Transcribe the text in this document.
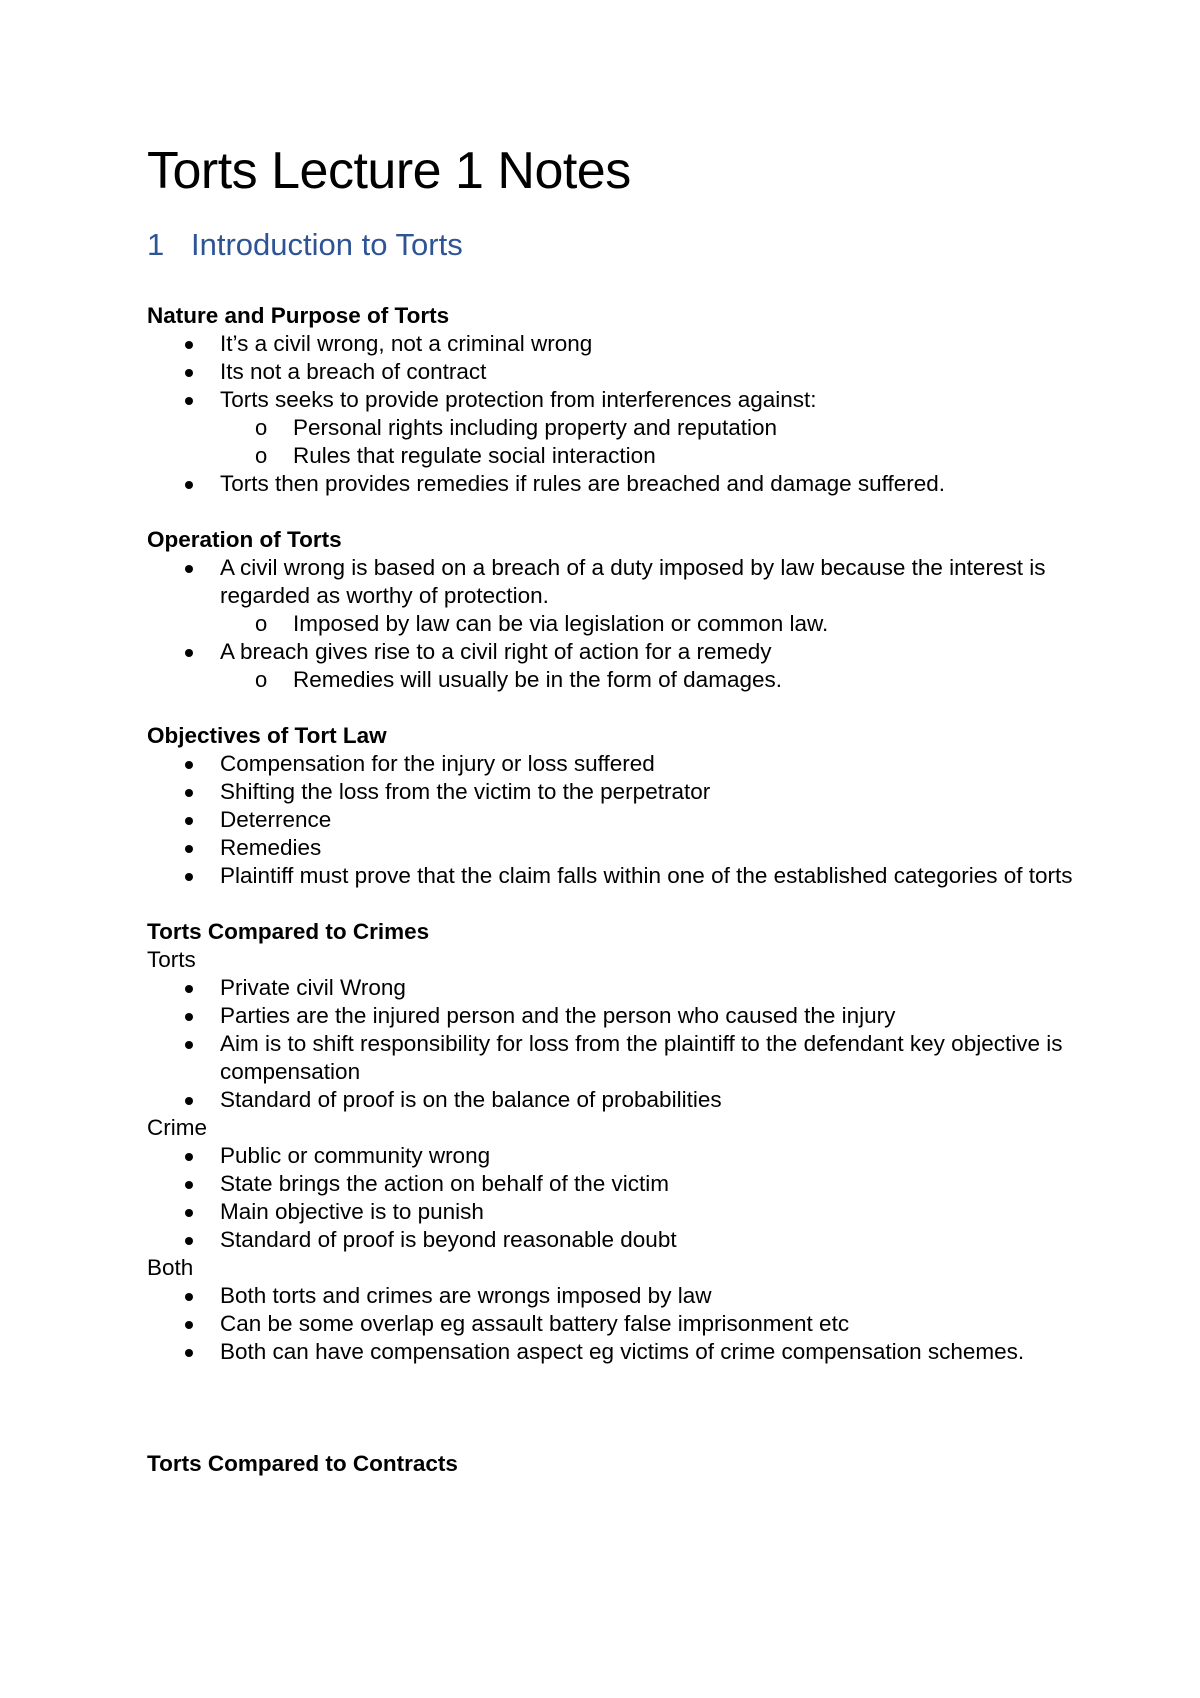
Torts Lecture 1 Notes
1 Introduction to Torts

Nature and Purpose of Torts

It’s a civil wrong, not a criminal wrong
Its not a breach of contract
Torts seeks to provide protection from interferences against:
o Personal rights including property and reputation
o Rules that regulate social interaction
Torts then provides remedies if rules are breached and damage suffered.

Operation of Torts

A civil wrong is based on a breach of a duty imposed by law because the interest is regarded as worthy of protection.
o Imposed by law can be via legislation or common law.
A breach gives rise to a civil right of action for a remedy
o Remedies will usually be in the form of damages.

Objectives of Tort Law

Compensation for the injury or loss suffered
Shifting the loss from the victim to the perpetrator
Deterrence
Remedies
Plaintiff must prove that the claim falls within one of the established categories of torts

Torts Compared to Crimes

Torts

Private civil Wrong
Parties are the injured person and the person who caused the injury
Aim is to shift responsibility for loss from the plaintiff to the defendant key objective is compensation
Standard of proof is on the balance of probabilities

Crime

Public or community wrong
State brings the action on behalf of the victim
Main objective is to punish
Standard of proof is beyond reasonable doubt

Both

Both torts and crimes are wrongs imposed by law
Can be some overlap eg assault battery false imprisonment etc
Both can have compensation aspect eg victims of crime compensation schemes.

Torts Compared to Contracts
